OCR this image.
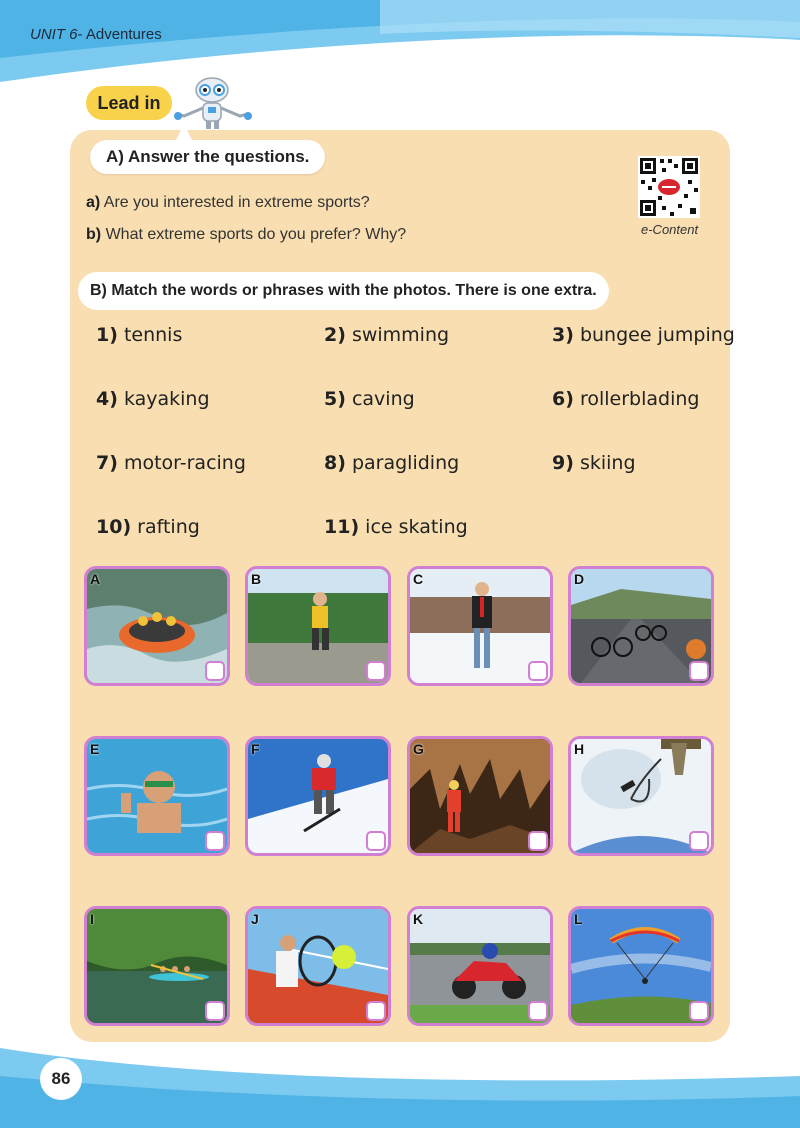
UNIT 6- Adventures
Lead in
A) Answer the questions.
a) Are you interested in extreme sports?
b) What extreme sports do you prefer? Why?	e-Content
B) Match the words or phrases with the photos. There is one extra.
1) tennis	2) swimming	3) bungee jumping
4) kayaking	5) caving	6) rollerblading
7) motor-racing	8) paragliding	9) skiing
10) rafting	11) ice skating
A	B	C	D
E	F	G	H
I	J	K	L
86
